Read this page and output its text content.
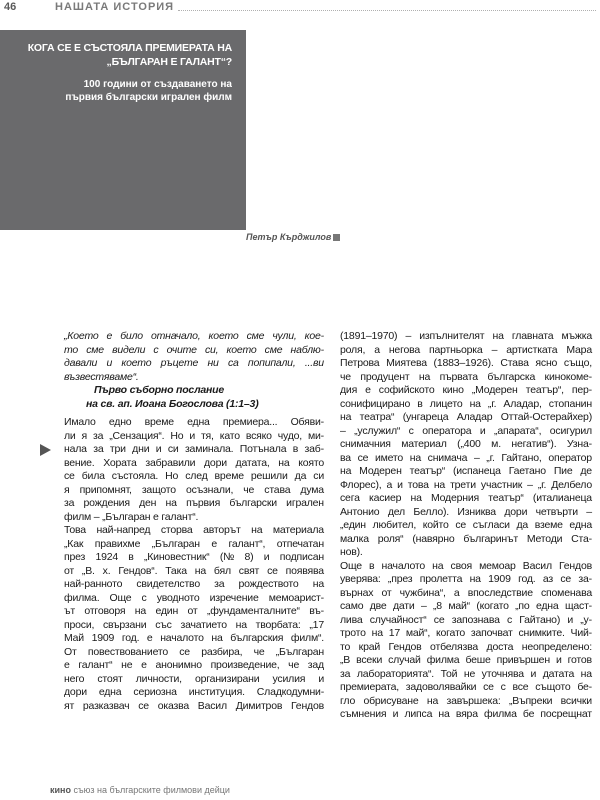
46	НАШАТА ИСТОРИЯ
КОГА СЕ Е СЪСТОЯЛА ПРЕМИЕРАТА НА
„БЪЛГАРАН Е ГАЛАНТ“?
100 години от създаването на
първия български игрален филм
Петър Кърджилов
„Което е било отначало, което сме чули, кое-
то сме видели с очите си, което сме наблю-
давали и което ръцете ни са попипали, ...ви
възвестяваме“.
Първо съборно послание
на св. ап. Иоана Богослова (1:1–3)
Имало едно време една премиера... Обяви-
ли я за „Сензация“. Но и тя, като всяко чудо, ми-
нала за три дни и си заминала. Потънала в заб-
вение. Хората забравили дори датата, на която
се била състояла. Но след време решили да си
я припомнят, защото осъзнали, че става дума
за рождения ден на първия български игрален
филм – „Българан е галант“.
Това най-напред сторва авторът на материала
„Как правихме „Българан е галант“, отпечатан
през 1924 в „Киновестник“ (№ 8) и подписан
от „В. х. Гендов“. Така на бял свят се появява
най-ранното свидетелство за рождеството на
филма. Още с уводното изречение мемоарист-
ът отговоря на един от „фундаменталните“ въ-
проси, свързани със зачатието на творбата: „17
Май 1909 год. е началото на българския филм“.
От повествованието се разбира, че „Българан
е галант“ не е анонимно произведение, че зад
него стоят личности, организирани усилия и
дори една сериозна институция. Сладкодумни-
ят разказвач се оказва Васил Димитров Гендов
(1891–1970) – изпълнителят на главната мъжка
роля, а негова партньорка – артистката Мара
Петрова Миятева (1883–1926). Става ясно също,
че продуцент на първата българска кинокоме-
дия е софийското кино „Модерен театър“, пер-
сонифицирано в лицето на „г. Аладар, стопанин
на театра“ (унгареца Аладар Оттай-Остерайхер)
– „услужил“ с оператора и „апарата“, осигурил
снимачния материал („400 м. негатив“). Узна-
ва се името на снимача – „г. Гайтано, оператор
на Модерен театър“ (испанеца Гаетано Пие де
Флорес), а и това на трети участник – „г. Делбело
сега касиер на Модерния театър“ (италианеца
Антонио дел Белло). Изниква дори четвърти –
„един любител, който се съгласи да вземе една
малка роля“ (навярно българинът Методи Ста-
нов).
Още в началото на своя мемоар Васил Гендов
уверява: „през пролетта на 1909 год. аз се за-
върнах от чужбина“, а впоследствие споменава
само две дати – „8 май“ (когато „по една щаст-
лива случайност“ се запознава с Гайтано) и „у-
трото на 17 май“, когато започват снимките. Чий-
то край Гендов отбелязва доста неопределено:
„В всеки случай филма беше привършен и готов
за лабораторията“. Той не уточнява и датата на
премиерата, задоволявайки се с все същото бе-
гло обрисуване на завършека: „Въпреки всички
съмнения и липса на вяра филма бе посрещнат
кино съюз на българските филмови дейци
